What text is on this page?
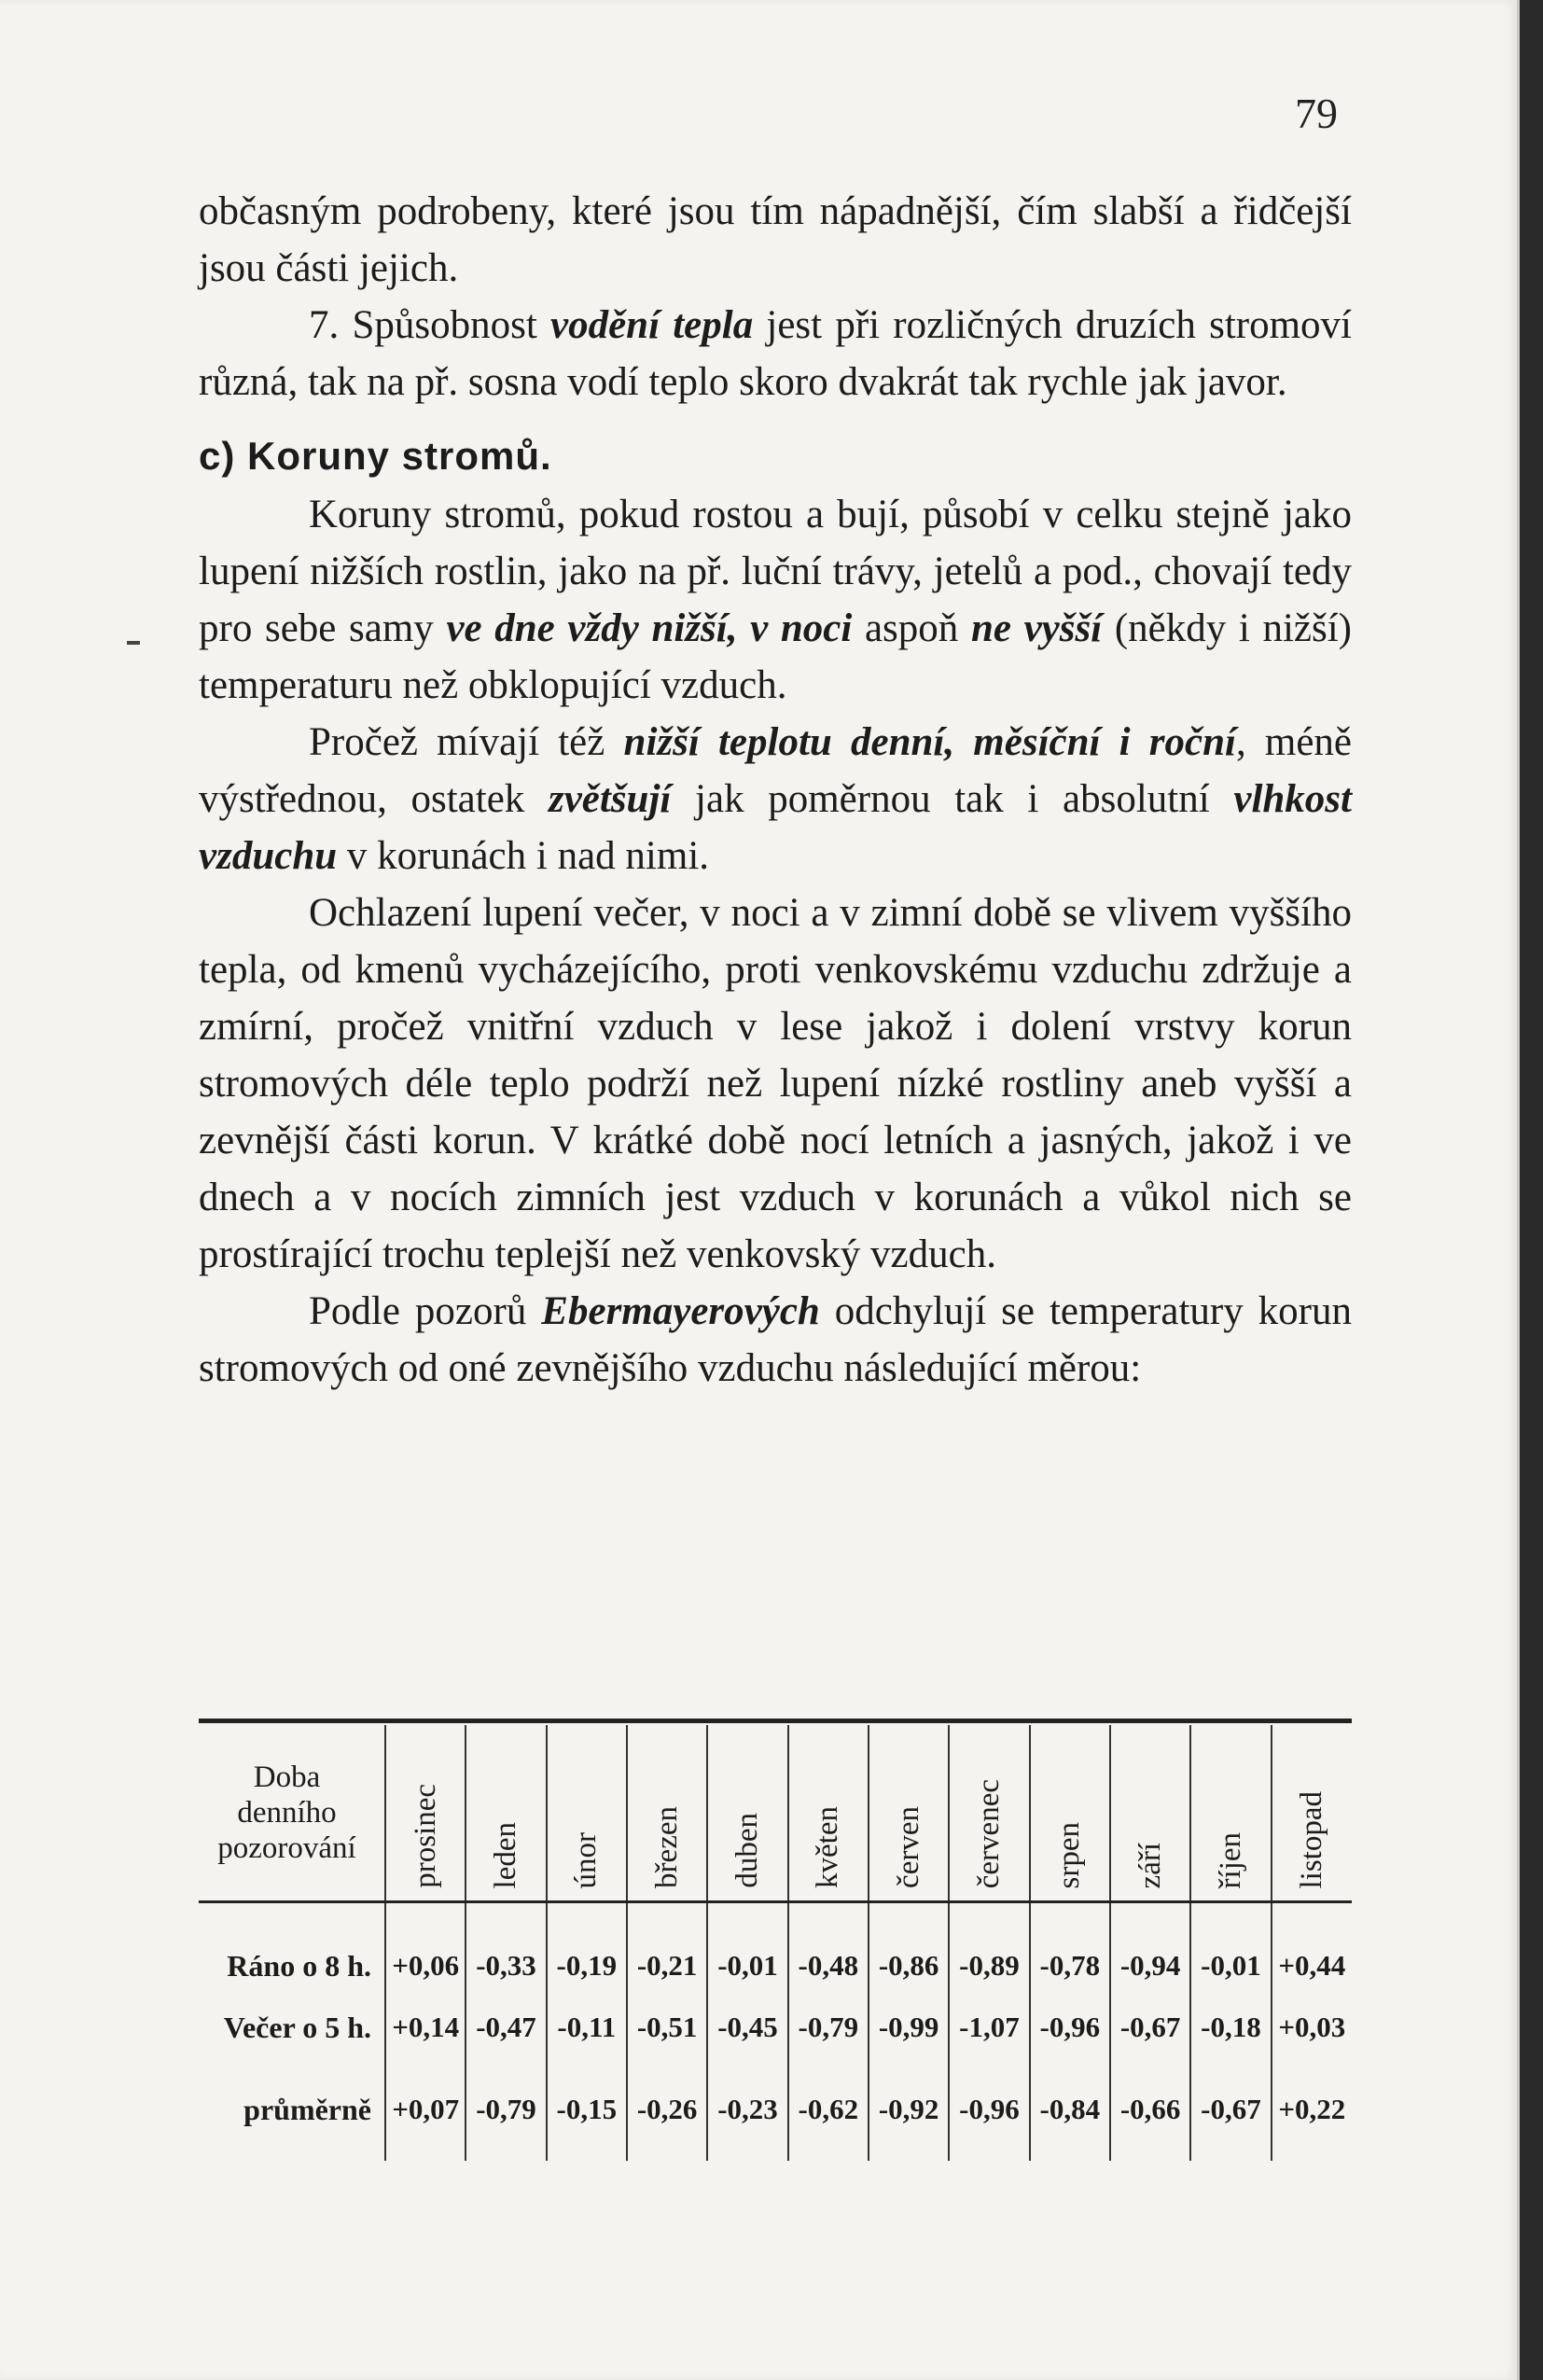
79

občasným podrobeny, které jsou tím nápadnější, čím slabší a řidčejší jsou části jejich.

7. Spůsobnost vodění tepla jest při rozličných druzích stromoví různá, tak na př. sosna vodí teplo skoro dvakrát tak rychle jak javor.

c) Koruny stromů.

Koruny stromů, pokud rostou a bují, působí v celku stejně jako lupení nižších rostlin, jako na př. luční trávy, jetelů a pod., chovají tedy pro sebe samy ve dne vždy nižší, v noci aspoň ne vyšší (někdy i nižší) temperaturu než obklopující vzduch.

Pročež mívají též nižší teplotu denní, měsíční i roční, méně výstřednou, ostatek zvětšují jak poměrnou tak i absolutní vlhkost vzduchu v korunách i nad nimi.

Ochlazení lupení večer, v noci a v zimní době se vlivem vyššího tepla, od kmenů vycházejícího, proti venkovskému vzduchu zdržuje a zmírní, pročež vnitřní vzduch v lese jakož i dolení vrstvy korun stromových déle teplo podrží než lupení nízké rostliny aneb vyšší a zevnější části korun. V krátké době nocí letních a jasných, jakož i ve dnech a v nocích zimních jest vzduch v korunách a vůkol nich se prostírající trochu teplejší než venkovský vzduch.

Podle pozorů Ebermayerových odchylují se temperatury korun stromových od oné zevnějšího vzduchu následující měrou:

Doba
denního
pozorování	prosinec	leden	únor	březen	duben	květen	červen	červenec	srpen	září	říjen	listopad
Ráno o 8 h.	+0,06	-0,33	-0,19	-0,21	-0,01	-0,48	-0,86	-0,89	-0,78	-0,94	-0,01	+0,44
Večer o 5 h.	+0,14	-0,47	-0,11	-0,51	-0,45	-0,79	-0,99	-1,07	-0,96	-0,67	-0,18	+0,03
průměrně	+0,07	-0,79	-0,15	-0,26	-0,23	-0,62	-0,92	-0,96	-0,84	-0,66	-0,67	+0,22
